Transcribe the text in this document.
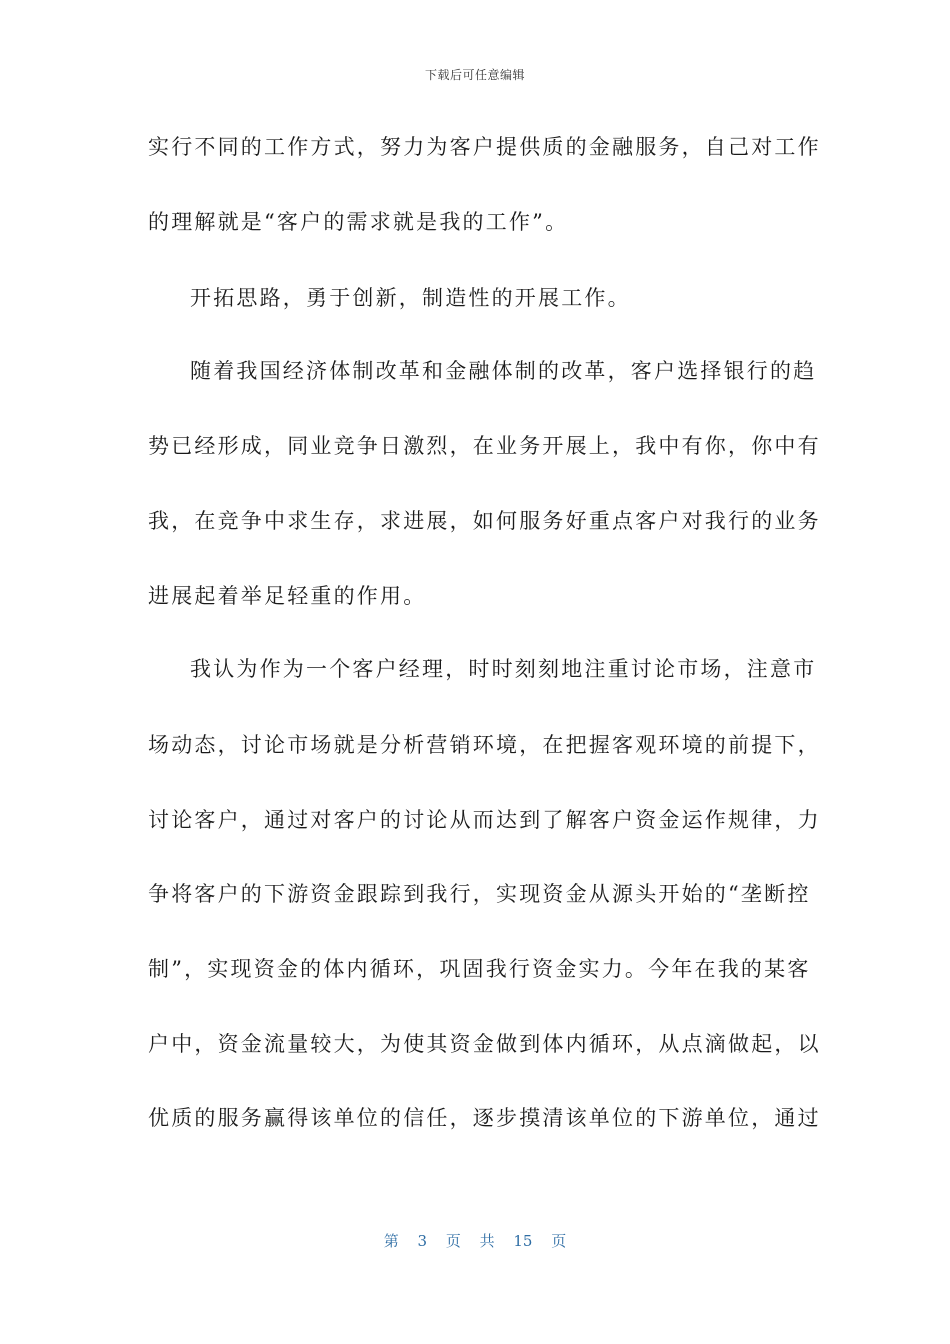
下载后可任意编辑
实行不同的工作方式，努力为客户提供质的金融服务，自己对工作
的理解就是“客户的需求就是我的工作”。
开拓思路，勇于创新，制造性的开展工作。
随着我国经济体制改革和金融体制的改革，客户选择银行的趋
势已经形成，同业竞争日激烈，在业务开展上，我中有你，你中有
我，在竞争中求生存，求进展，如何服务好重点客户对我行的业务
进展起着举足轻重的作用。
我认为作为一个客户经理，时时刻刻地注重讨论市场，注意市
场动态，讨论市场就是分析营销环境，在把握客观环境的前提下，
讨论客户，通过对客户的讨论从而达到了解客户资金运作规律，力
争将客户的下游资金跟踪到我行，实现资金从源头开始的“垄断控
制”，实现资金的体内循环，巩固我行资金实力。今年在我的某客
户中，资金流量较大，为使其资金做到体内循环，从点滴做起，以
优质的服务赢得该单位的信任，逐步摸清该单位的下游单位，通过
第 3 页 共 15 页
